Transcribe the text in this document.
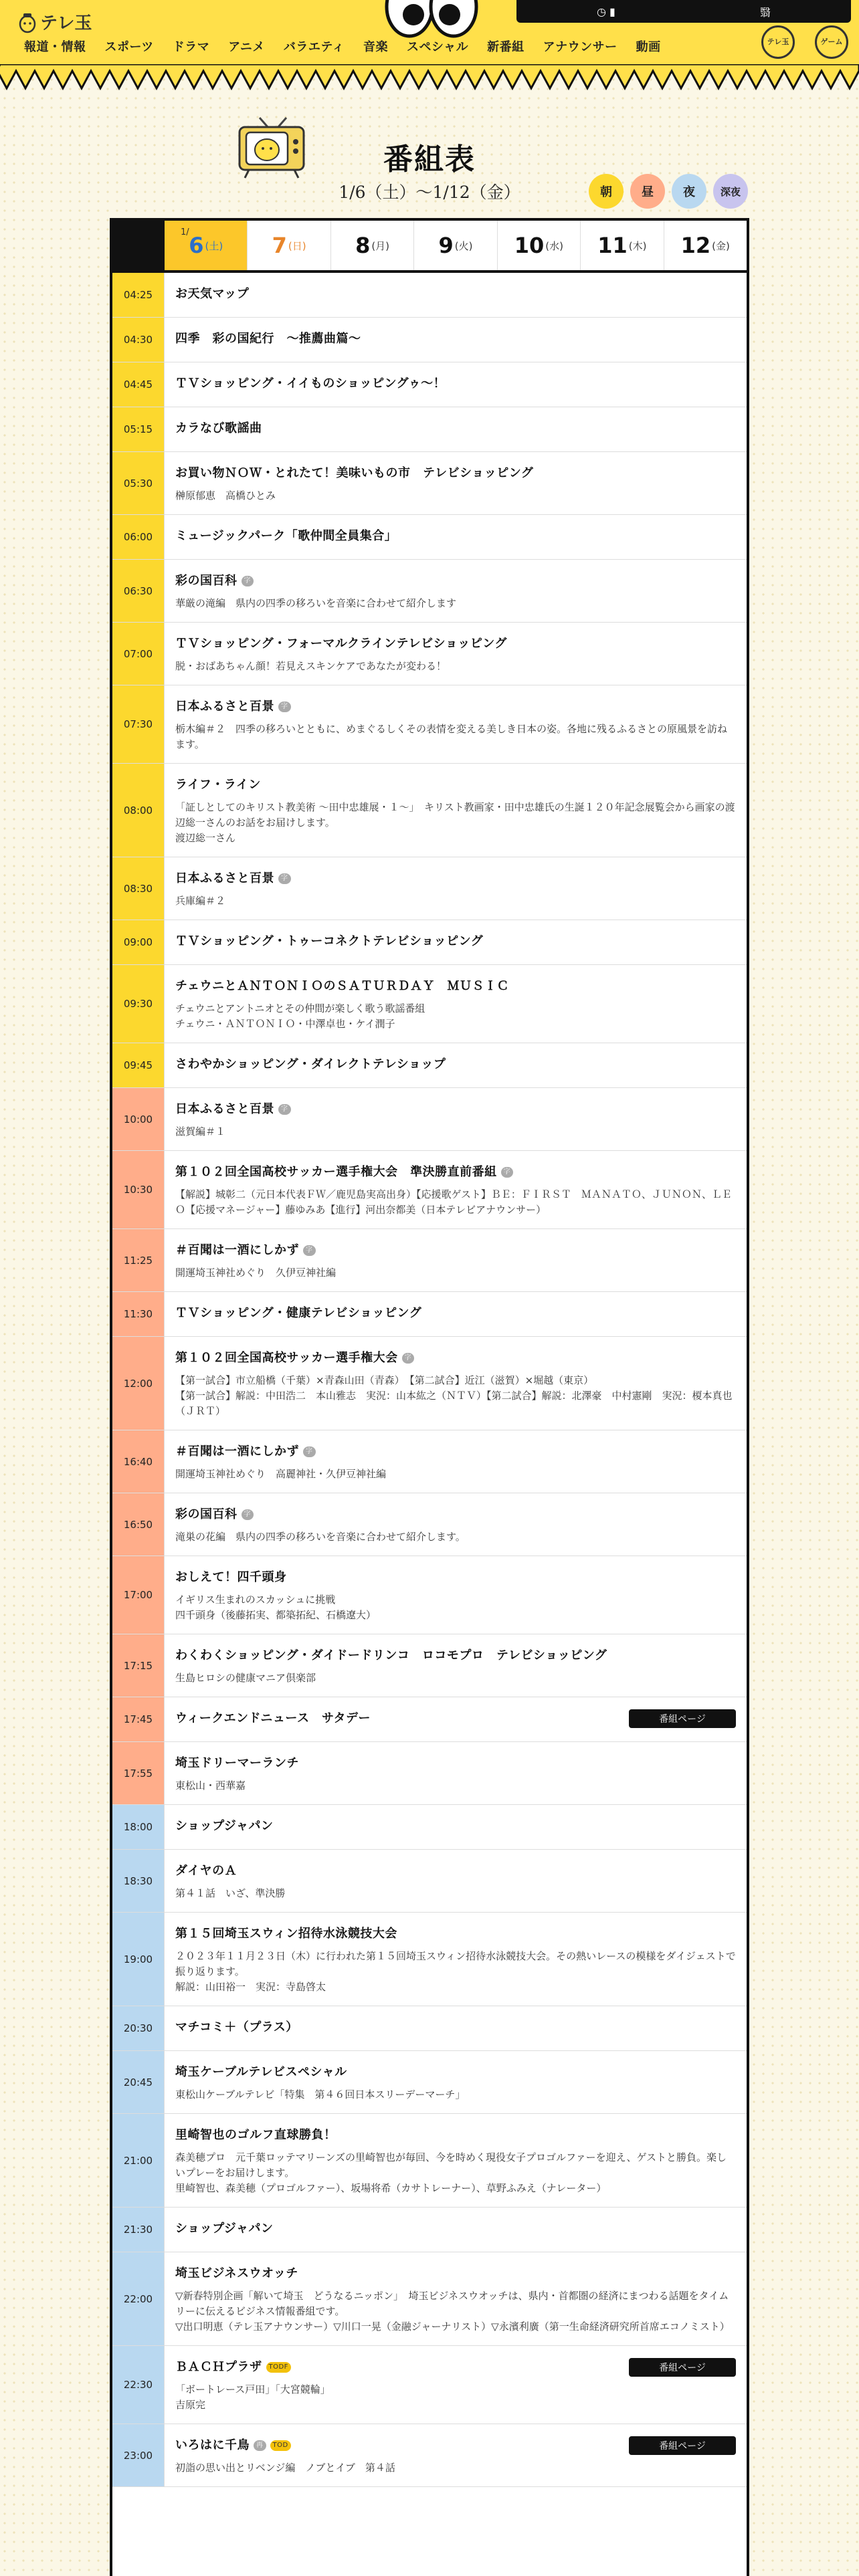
テレ玉
◷ ▮	翳
報道・情報	スポーツ	ドラマ	アニメ	バラエティ	音楽	スペシャル	新番組	アナウンサー	動画	テレ玉	ゲーム
番組表
1/6（土）～1/12（金）	朝	昼	夜	深夜
1/
6 (土) 7 (日) 8 (月) 9 (火) 10 (水) 11 (木) 12 (金)
04:25	お天気マップ
04:30	四季　彩の国紀行　～推薦曲篇～
04:45	ＴＶショッピング・イイものショッピングゥ～！
05:15	カラなび歌謡曲
05:30
お買い物ＮＯＷ・とれたて！美味いもの市　テレビショッピング
榊原郁恵　高橋ひとみ
06:00	ミュージックパーク「歌仲間全員集合」
06:30
彩の国百科 字
華厳の滝編　県内の四季の移ろいを音楽に合わせて紹介します
07:00
ＴＶショッピング・フォーマルクラインテレビショッピング
脱・おばあちゃん顔！若見えスキンケアであなたが変わる！
07:30
日本ふるさと百景 字
栃木編＃２　四季の移ろいとともに、めまぐるしくその表情を変える美しき日本の姿。各地に残るふるさとの原風景を訪ねます。
08:00
ライフ・ライン
「証しとしてのキリスト教美術 ～田中忠雄展・１～」　キリスト教画家・田中忠雄氏の生誕１２０年記念展覧会から画家の渡辺総一さんのお話をお届けします。
渡辺総一さん
08:30
日本ふるさと百景 字
兵庫編＃２
09:00	ＴＶショッピング・トゥーコネクトテレビショッピング
09:30
チェウニとＡＮＴＯＮＩＯのＳＡＴＵＲＤＡＹ　ＭＵＳＩＣ
チェウニとアントニオとその仲間が楽しく歌う歌謡番組
チェウニ・ＡＮＴＯＮＩＯ・中澤卓也・ケイ潤子
09:45	さわやかショッピング・ダイレクトテレショップ
10:00
日本ふるさと百景 字
滋賀編＃１
10:30
第１０２回全国高校サッカー選手権大会　準決勝直前番組 字
【解説】城彰二（元日本代表ＦＷ／鹿児島実高出身）【応援歌ゲスト】ＢＥ：ＦＩＲＳＴ　ＭＡＮＡＴＯ、ＪＵＮＯＮ、ＬＥＯ【応援マネージャー】藤ゆみあ【進行】河出奈都美（日本テレビアナウンサー）
11:25
＃百聞は一酒にしかず 字
開運埼玉神社めぐり　久伊豆神社編
11:30	ＴＶショッピング・健康テレビショッピング
12:00
第１０２回全国高校サッカー選手権大会 字
【第一試合】市立船橋（千葉）×青森山田（青森）　【第二試合】近江（滋賀）×堀越（東京）
【第一試合】解説：中田浩二　本山雅志　実況：山本紘之（ＮＴＶ）【第二試合】解説：北澤豪　中村憲剛　実況：榎本真也（ＪＲＴ）
16:40
＃百聞は一酒にしかず 字
開運埼玉神社めぐり　高麗神社・久伊豆神社編
16:50
彩の国百科 字
滝巣の花編　県内の四季の移ろいを音楽に合わせて紹介します。
17:00
おしえて！四千頭身
イギリス生まれのスカッシュに挑戦
四千頭身（後藤拓実、都築拓紀、石橋遼大）
17:15
わくわくショッピング・ダイドードリンコ　ロコモプロ　テレビショッピング
生島ヒロシの健康マニア倶楽部
17:45	ウィークエンドニュース　サタデー	番組ページ
17:55
埼玉ドリーマーランチ
東松山・西華嘉
18:00	ショップジャパン
18:30
ダイヤのＡ
第４１話　いざ、準決勝
19:00
第１５回埼玉スウィン招待水泳競技大会
２０２３年１１月２３日（木）に行われた第１５回埼玉スウィン招待水泳競技大会。その熱いレースの模様をダイジェストで振り返ります。
解説：山田裕一　実況：寺島啓太
20:30	マチコミ＋（プラス）
20:45
埼玉ケーブルテレビスペシャル
東松山ケーブルテレビ「特集　第４６回日本スリーデーマーチ」
21:00
里崎智也のゴルフ直球勝負！
森美穂プロ　元千葉ロッテマリーンズの里崎智也が毎回、今を時めく現役女子プロゴルファーを迎え、ゲストと勝負。楽しいプレーをお届けします。
里崎智也、森美穂（プロゴルファー）、坂場将希（カサトレーナー）、草野ふみえ（ナレーター）
21:30	ショップジャパン
22:00
埼玉ビジネスウオッチ
▽新春特別企画「解いて埼玉　どうなるニッポン」　埼玉ビジネスウオッチは、県内・首都圏の経済にまつわる話題をタイムリーに伝えるビジネス情報番組です。
▽出口明恵（テレ玉アナウンサー）▽川口一晃（金融ジャーナリスト）▽永濱利廣（第一生命経済研究所首席エコノミスト）
22:30
ＢＡＣＨプラザ TODF
「ボートレース戸田」「大宮競輪」
吉原完
番組ページ
23:00
いろはに千鳥 再 TOD
初詣の思い出とリベンジ編　ノブとイブ　第４話
番組ページ
